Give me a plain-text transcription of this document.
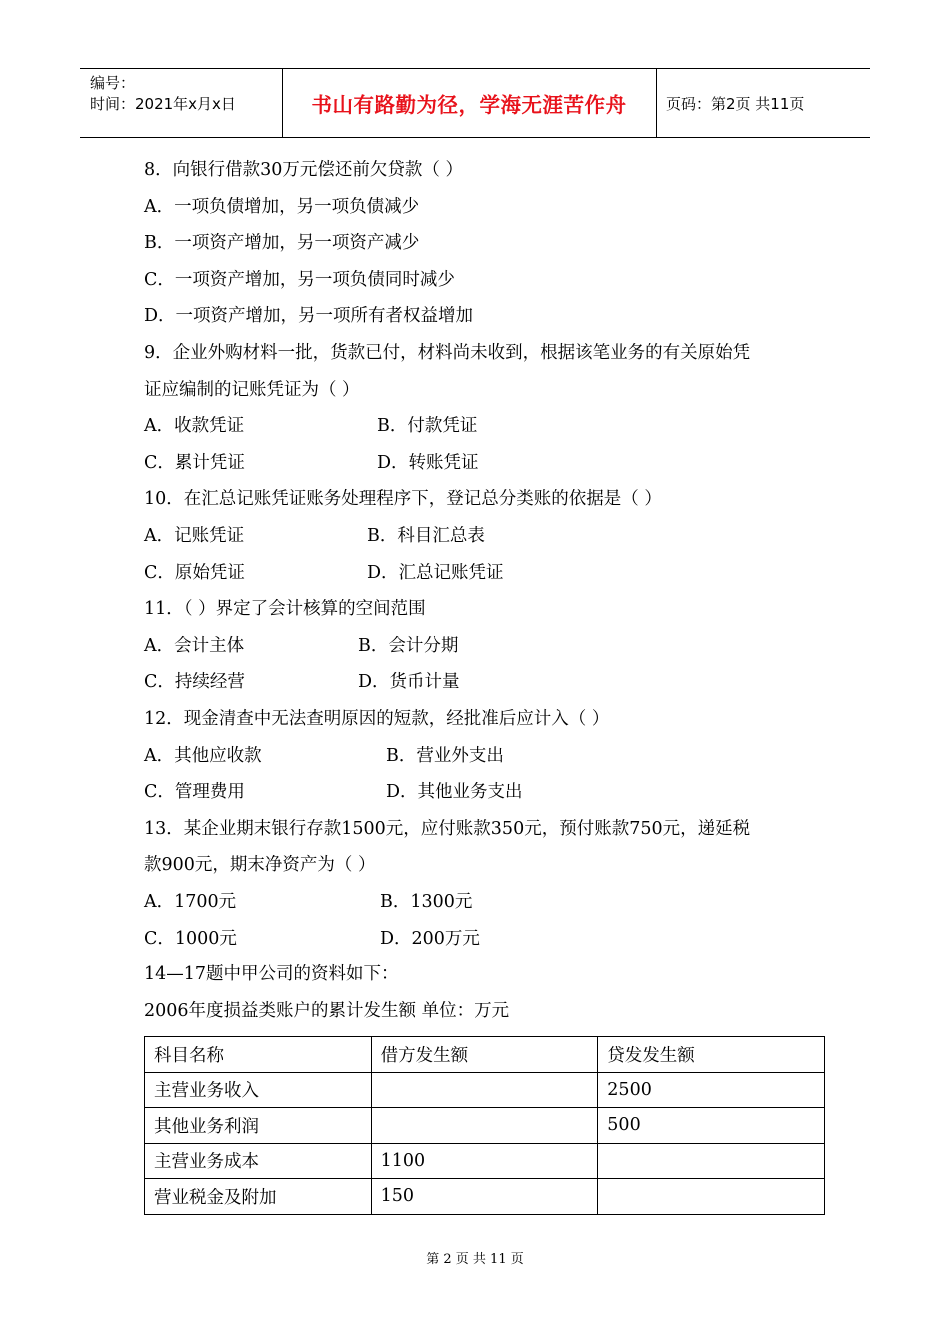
编号：
时间：2021年x月x日	书山有路勤为径，学海无涯苦作舟	页码：第2页 共11页
8．向银行借款30万元偿还前欠贷款（ ）
A．一项负债增加，另一项负债减少
B．一项资产增加，另一项资产减少
C．一项资产增加，另一项负债同时减少
D．一项资产增加，另一项所有者权益增加
9．企业外购材料一批，货款已付，材料尚未收到，根据该笔业务的有关原始凭
证应编制的记账凭证为（ ）
A．收款凭证	B．付款凭证
C．累计凭证	D．转账凭证
10．在汇总记账凭证账务处理程序下，登记总分类账的依据是（ ）
A．记账凭证	B．科目汇总表
C．原始凭证	D．汇总记账凭证
11．（ ）界定了会计核算的空间范围
A．会计主体	B．会计分期
C．持续经营	D．货币计量
12．现金清查中无法查明原因的短款，经批准后应计入（ ）
A．其他应收款	B．营业外支出
C．管理费用	D．其他业务支出
13．某企业期末银行存款1500元，应付账款350元，预付账款750元，递延税
款900元，期末净资产为（ ）
A．1700元	B．1300元
C．1000元	D．200万元
14—17题中甲公司的资料如下：
2006年度损益类账户的累计发生额 单位：万元
科目名称	借方发生额	贷发发生额
主营业务收入		2500
其他业务利润		500
主营业务成本	1100	
营业税金及附加	150	
第 2 页 共 11 页
